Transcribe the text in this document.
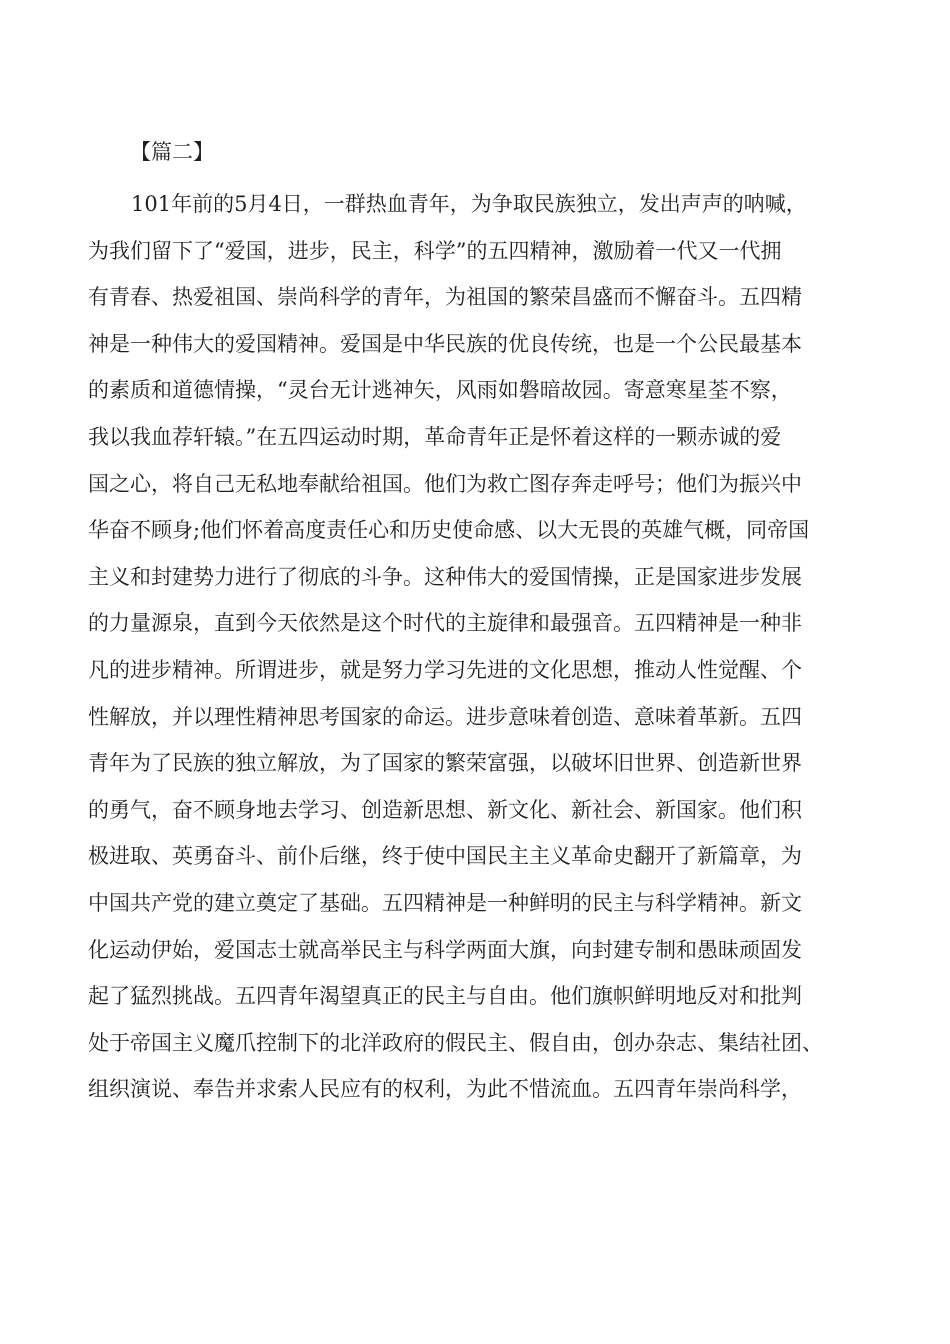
【篇二】
101年前的5月4日，一群热血青年，为争取民族独立，发出声声的呐喊，
为我们留下了“爱国，进步，民主，科学”的五四精神，激励着一代又一代拥
有青春、热爱祖国、崇尚科学的青年，为祖国的繁荣昌盛而不懈奋斗。五四精
神是一种伟大的爱国精神。爱国是中华民族的优良传统，也是一个公民最基本
的素质和道德情操，“灵台无计逃神矢，风雨如磐暗故园。寄意寒星荃不察，
我以我血荐轩辕。”在五四运动时期，革命青年正是怀着这样的一颗赤诚的爱
国之心，将自己无私地奉献给祖国。他们为救亡图存奔走呼号；他们为振兴中
华奋不顾身;他们怀着高度责任心和历史使命感、以大无畏的英雄气概，同帝国
主义和封建势力进行了彻底的斗争。这种伟大的爱国情操，正是国家进步发展
的力量源泉，直到今天依然是这个时代的主旋律和最强音。五四精神是一种非
凡的进步精神。所谓进步，就是努力学习先进的文化思想，推动人性觉醒、个
性解放，并以理性精神思考国家的命运。进步意味着创造、意味着革新。五四
青年为了民族的独立解放，为了国家的繁荣富强，以破坏旧世界、创造新世界
的勇气，奋不顾身地去学习、创造新思想、新文化、新社会、新国家。他们积
极进取、英勇奋斗、前仆后继，终于使中国民主主义革命史翻开了新篇章，为
中国共产党的建立奠定了基础。五四精神是一种鲜明的民主与科学精神。新文
化运动伊始，爱国志士就高举民主与科学两面大旗，向封建专制和愚昧顽固发
起了猛烈挑战。五四青年渴望真正的民主与自由。他们旗帜鲜明地反对和批判
处于帝国主义魔爪控制下的北洋政府的假民主、假自由，创办杂志、集结社团、
组织演说、奉告并求索人民应有的权利，为此不惜流血。五四青年崇尚科学，
